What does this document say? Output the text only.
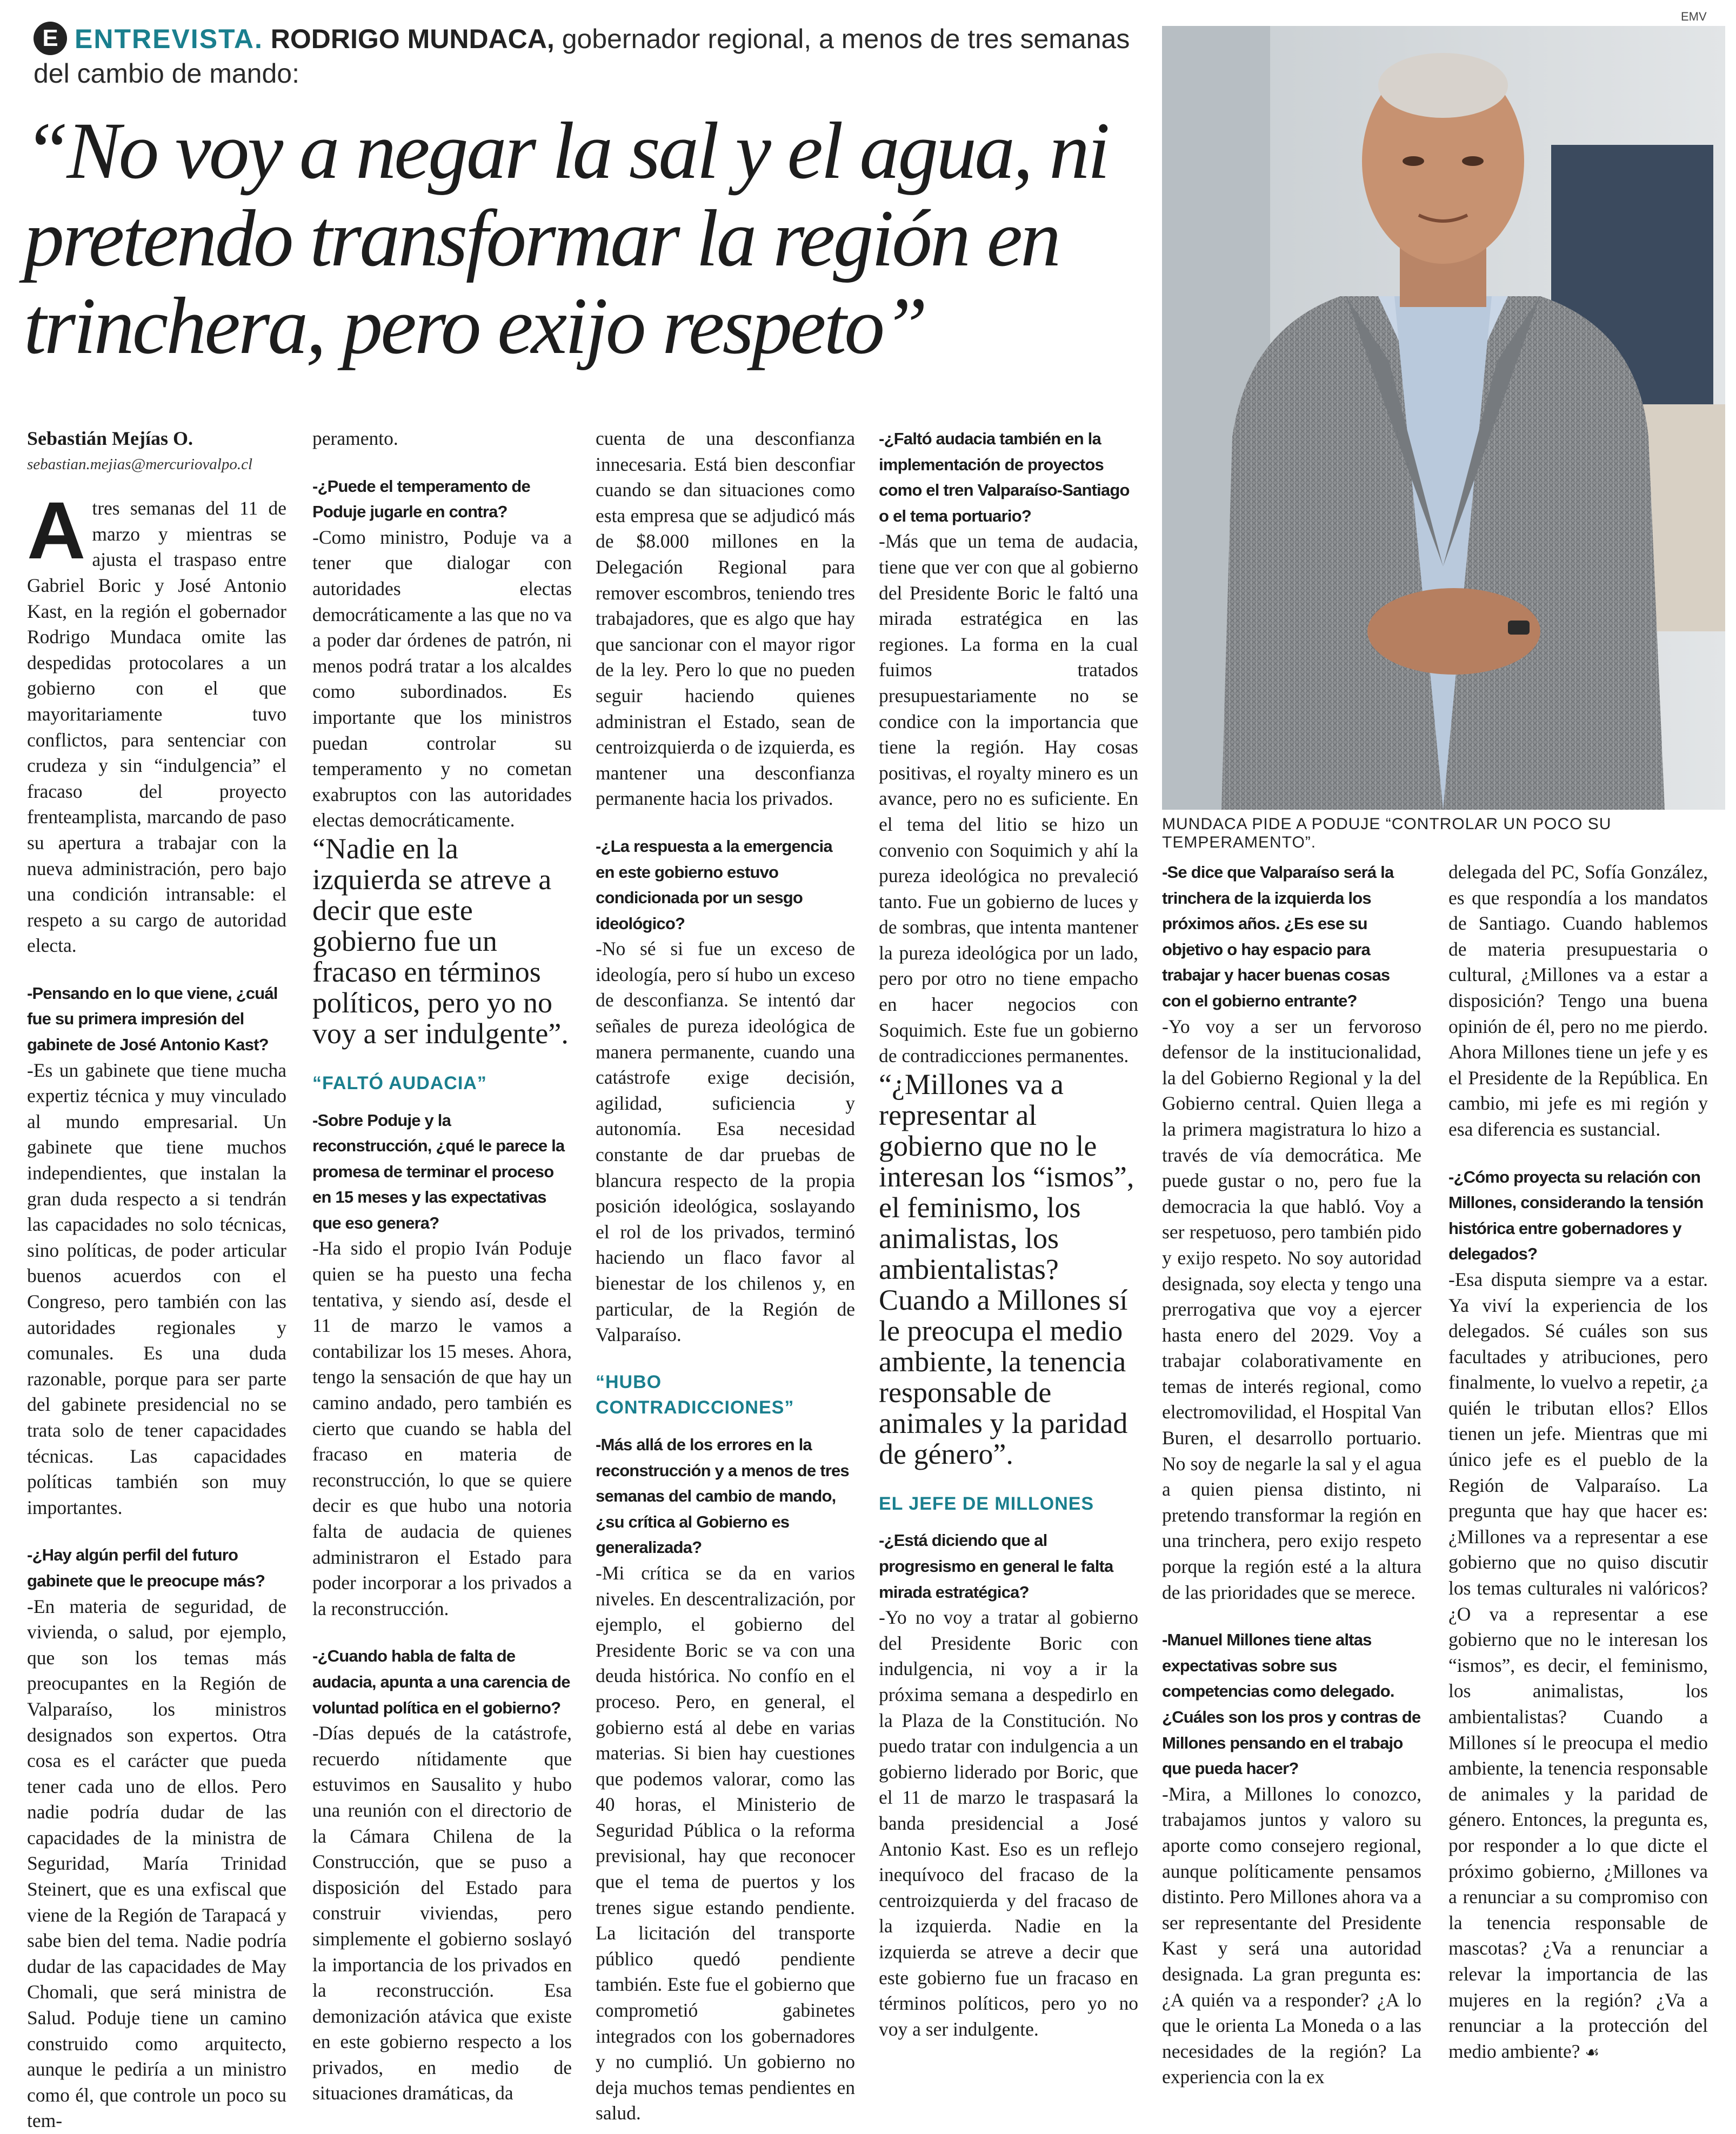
E ENTREVISTA. RODRIGO MUNDACA, gobernador regional, a menos de tres semanas del cambio de mando:
“No voy a negar la sal y el agua, ni pretendo transformar la región en trinchera, pero exijo respeto”
EMV
MUNDACA PIDE A PODUJE “CONTROLAR UN POCO SU TEMPERAMENTO”.

Sebastián Mejías O.

sebastian.mejias@mercuriovalpo.cl

Atres semanas del 11 de marzo y mientras se ajusta el traspaso entre Gabriel Boric y José Antonio Kast, en la región el gobernador Rodrigo Mundaca omite las despedidas protocolares a un gobierno con el que mayoritariamente tuvo conflictos, para sentenciar con crudeza y sin “indulgencia” el fracaso del proyecto frenteamplista, marcando de paso su apertura a trabajar con la nueva administración, pero bajo una condición intransable: el respeto a su cargo de autoridad electa.

-Pensando en lo que viene, ¿cuál fue su primera impresión del gabinete de José Antonio Kast?

-Es un gabinete que tiene mucha expertiz técnica y muy vinculado al mundo empresarial. Un gabinete que tiene muchos independientes, que instalan la gran duda respecto a si tendrán las capacidades no solo técnicas, sino políticas, de poder articular buenos acuerdos con el Congreso, pero también con las autoridades regionales y comunales. Es una duda razonable, porque para ser parte del gabinete presidencial no se trata solo de tener capacidades técnicas. Las capacidades políticas también son muy importantes.

-¿Hay algún perfil del futuro gabinete que le preocupe más?

-En materia de seguridad, de vivienda, o salud, por ejemplo, que son los temas más preocupantes en la Región de Valparaíso, los ministros designados son expertos. Otra cosa es el carácter que pueda tener cada uno de ellos. Pero nadie podría dudar de las capacidades de la ministra de Seguridad, María Trinidad Steinert, que es una exfiscal que viene de la Región de Tarapacá y sabe bien del tema. Nadie podría dudar de las capacidades de May Chomali, que será ministra de Salud. Poduje tiene un camino construido como arquitecto, aunque le pediría a un ministro como él, que controle un poco su tem-

peramento.

-¿Puede el temperamento de Poduje jugarle en contra?

-Como ministro, Poduje va a tener que dialogar con autoridades electas democráticamente a las que no va a poder dar órdenes de patrón, ni menos podrá tratar a los alcaldes como subordinados. Es importante que los ministros puedan controlar su temperamento y no cometan exabruptos con las autoridades electas democráticamente.

“Nadie en la izquierda se atreve a decir que este gobierno fue un fracaso en términos políticos, pero yo no voy a ser indulgente”.

“FALTÓ AUDACIA”

-Sobre Poduje y la reconstrucción, ¿qué le parece la promesa de terminar el proceso en 15 meses y las expectativas que eso genera?

-Ha sido el propio Iván Poduje quien se ha puesto una fecha tentativa, y siendo así, desde el 11 de marzo le vamos a contabilizar los 15 meses. Ahora, tengo la sensación de que hay un camino andado, pero también es cierto que cuando se habla del fracaso en materia de reconstrucción, lo que se quiere decir es que hubo una notoria falta de audacia de quienes administraron el Estado para poder incorporar a los privados a la reconstrucción.

-¿Cuando habla de falta de audacia, apunta a una carencia de voluntad política en el gobierno?

-Días depués de la catástrofe, recuerdo nítidamente que estuvimos en Sausalito y hubo una reunión con el directorio de la Cámara Chilena de la Construcción, que se puso a disposición del Estado para construir viviendas, pero simplemente el gobierno soslayó la importancia de los privados en la reconstrucción. Esa demonización atávica que existe en este gobierno respecto a los privados, en medio de situaciones dramáticas, da

cuenta de una desconfianza innecesaria. Está bien desconfiar cuando se dan situaciones como esta empresa que se adjudicó más de $8.000 millones en la Delegación Regional para remover escombros, teniendo tres trabajadores, que es algo que hay que sancionar con el mayor rigor de la ley. Pero lo que no pueden seguir haciendo quienes administran el Estado, sean de centroizquierda o de izquierda, es mantener una desconfianza permanente hacia los privados.

-¿La respuesta a la emergencia en este gobierno estuvo condicionada por un sesgo ideológico?

-No sé si fue un exceso de ideología, pero sí hubo un exceso de desconfianza. Se intentó dar señales de pureza ideológica de manera permanente, cuando una catástrofe exige decisión, agilidad, suficiencia y autonomía. Esa necesidad constante de dar pruebas de blancura respecto de la propia posición ideológica, soslayando el rol de los privados, terminó haciendo un flaco favor al bienestar de los chilenos y, en particular, de la Región de Valparaíso.

“HUBO CONTRADICCIONES”

-Más allá de los errores en la reconstrucción y a menos de tres semanas del cambio de mando, ¿su crítica al Gobierno es generalizada?

-Mi crítica se da en varios niveles. En descentralización, por ejemplo, el gobierno del Presidente Boric se va con una deuda histórica. No confío en el proceso. Pero, en general, el gobierno está al debe en varias materias. Si bien hay cuestiones que podemos valorar, como las 40 horas, el Ministerio de Seguridad Pública o la reforma previsional, hay que reconocer que el tema de puertos y los trenes sigue estando pendiente. La licitación del transporte público quedó pendiente también. Este fue el gobierno que comprometió gabinetes integrados con los gobernadores y no cumplió. Un gobierno no deja muchos temas pendientes en salud.

-¿Faltó audacia también en la implementación de proyectos como el tren Valparaíso-Santiago o el tema portuario?

-Más que un tema de audacia, tiene que ver con que al gobierno del Presidente Boric le faltó una mirada estratégica en las regiones. La forma en la cual fuimos tratados presupuestariamente no se condice con la importancia que tiene la región. Hay cosas positivas, el royalty minero es un avance, pero no es suficiente. En el tema del litio se hizo un convenio con Soquimich y ahí la pureza ideológica no prevaleció tanto. Fue un gobierno de luces y de sombras, que intenta mantener la pureza ideológica por un lado, pero por otro no tiene empacho en hacer negocios con Soquimich. Este fue un gobierno de contradicciones permanentes.

“¿Millones va a representar al gobierno que no le interesan los “ismos”, el feminismo, los animalistas, los ambientalistas? Cuando a Millones sí le preocupa el medio ambiente, la tenencia responsable de animales y la paridad de género”.

EL JEFE DE MILLONES

-¿Está diciendo que al progresismo en general le falta mirada estratégica?

-Yo no voy a tratar al gobierno del Presidente Boric con indulgencia, ni voy a ir la próxima semana a despedirlo en la Plaza de la Constitución. No puedo tratar con indulgencia a un gobierno liderado por Boric, que el 11 de marzo le traspasará la banda presidencial a José Antonio Kast. Eso es un reflejo inequívoco del fracaso de la centroizquierda y del fracaso de la izquierda. Nadie en la izquierda se atreve a decir que este gobierno fue un fracaso en términos políticos, pero yo no voy a ser indulgente.

-Se dice que Valparaíso será la trinchera de la izquierda los próximos años. ¿Es ese su objetivo o hay espacio para trabajar y hacer buenas cosas con el gobierno entrante?

-Yo voy a ser un fervoroso defensor de la institucionalidad, la del Gobierno Regional y la del Gobierno central. Quien llega a la primera magistratura lo hizo a través de vía democrática. Me puede gustar o no, pero fue la democracia la que habló. Voy a ser respetuoso, pero también pido y exijo respeto. No soy autoridad designada, soy electa y tengo una prerrogativa que voy a ejercer hasta enero del 2029. Voy a trabajar colaborativamente en temas de interés regional, como electromovilidad, el Hospital Van Buren, el desarrollo portuario. No soy de negarle la sal y el agua a quien piensa distinto, ni pretendo transformar la región en una trinchera, pero exijo respeto porque la región esté a la altura de las prioridades que se merece.

-Manuel Millones tiene altas expectativas sobre sus competencias como delegado. ¿Cuáles son los pros y contras de Millones pensando en el trabajo que pueda hacer?

-Mira, a Millones lo conozco, trabajamos juntos y valoro su aporte como consejero regional, aunque políticamente pensamos distinto. Pero Millones ahora va a ser representante del Presidente Kast y será una autoridad designada. La gran pregunta es: ¿A quién va a responder? ¿A lo que le orienta La Moneda o a las necesidades de la región? La experiencia con la ex

delegada del PC, Sofía González, es que respondía a los mandatos de Santiago. Cuando hablemos de materia presupuestaria o cultural, ¿Millones va a estar a disposición? Tengo una buena opinión de él, pero no me pierdo. Ahora Millones tiene un jefe y es el Presidente de la República. En cambio, mi jefe es mi región y esa diferencia es sustancial.

-¿Cómo proyecta su relación con Millones, considerando la tensión histórica entre gobernadores y delegados?

-Esa disputa siempre va a estar. Ya viví la experiencia de los delegados. Sé cuáles son sus facultades y atribuciones, pero finalmente, lo vuelvo a repetir, ¿a quién le tributan ellos? Ellos tienen un jefe. Mientras que mi único jefe es el pueblo de la Región de Valparaíso. La pregunta que hay que hacer es: ¿Millones va a representar a ese gobierno que no quiso discutir los temas culturales ni valóricos? ¿O va a representar a ese gobierno que no le interesan los “ismos”, es decir, el feminismo, los animalistas, los ambientalistas? Cuando a Millones sí le preocupa el medio ambiente, la tenencia responsable de animales y la paridad de género. Entonces, la pregunta es, por responder a lo que dicte el próximo gobierno, ¿Millones va a renunciar a su compromiso con la tenencia responsable de mascotas? ¿Va a renunciar a relevar la importancia de las mujeres en la región? ¿Va a renunciar a la protección del medio ambiente? ☙
